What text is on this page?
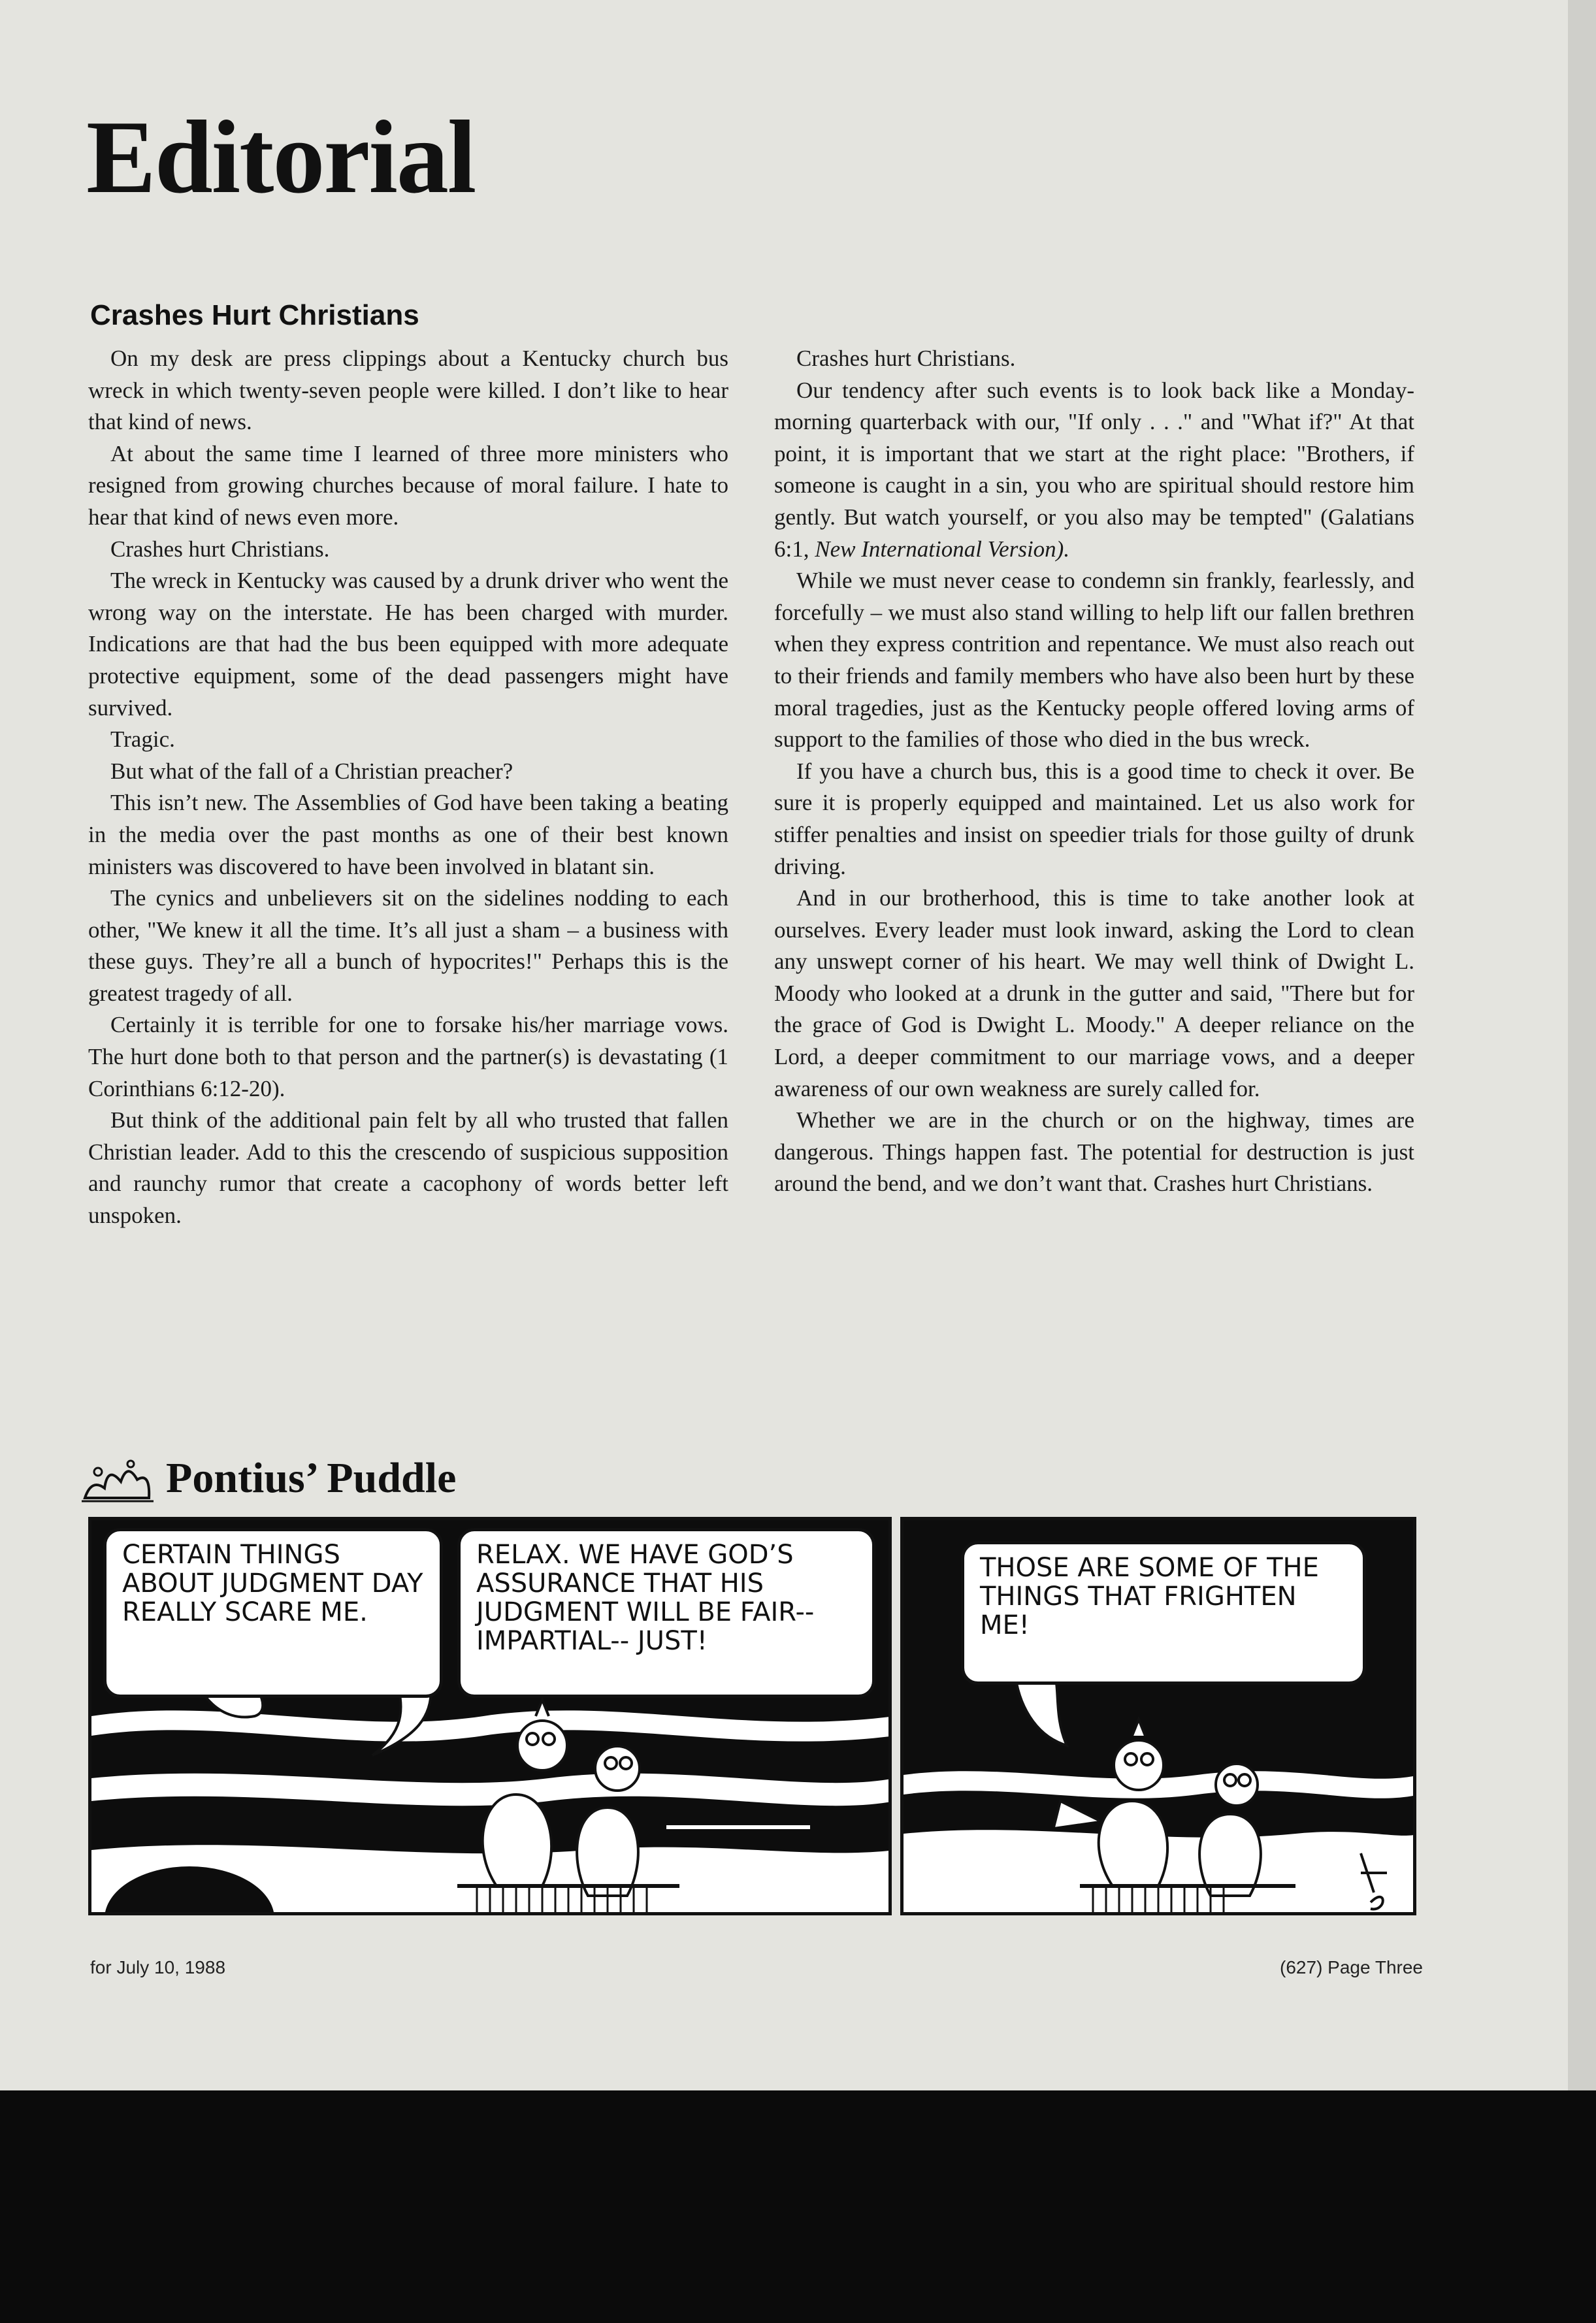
Editorial
Crashes Hurt Christians

On my desk are press clippings about a Kentucky church bus wreck in which twenty-seven people were killed. I don’t like to hear that kind of news.

At about the same time I learned of three more ministers who resigned from growing churches because of moral failure. I hate to hear that kind of news even more.

Crashes hurt Christians.

The wreck in Kentucky was caused by a drunk driver who went the wrong way on the interstate. He has been charged with murder. Indications are that had the bus been equipped with more adequate protective equipment, some of the dead passengers might have survived.

Tragic.

But what of the fall of a Christian preacher?

This isn’t new. The Assemblies of God have been taking a beating in the media over the past months as one of their best known ministers was discovered to have been involved in blatant sin.

The cynics and unbelievers sit on the sidelines nodding to each other, "We knew it all the time. It’s all just a sham – a business with these guys. They’re all a bunch of hypocrites!" Perhaps this is the greatest tragedy of all.

Certainly it is terrible for one to forsake his/her marriage vows. The hurt done both to that person and the partner(s) is devastating (1 Corinthians 6:12-20).

But think of the additional pain felt by all who trusted that fallen Christian leader. Add to this the crescendo of suspicious supposition and raunchy rumor that create a cacophony of words better left unspoken.

Crashes hurt Christians.

Our tendency after such events is to look back like a Monday-morning quarterback with our, "If only . . ." and "What if?" At that point, it is important that we start at the right place: "Brothers, if someone is caught in a sin, you who are spiritual should restore him gently. But watch yourself, or you also may be tempted" (Galatians 6:1, New International Version).

While we must never cease to condemn sin frankly, fearlessly, and forcefully – we must also stand willing to help lift our fallen brethren when they express contrition and repentance. We must also reach out to their friends and family members who have also been hurt by these moral tragedies, just as the Kentucky people offered loving arms of support to the families of those who died in the bus wreck.

If you have a church bus, this is a good time to check it over. Be sure it is properly equipped and maintained. Let us also work for stiffer penalties and insist on speedier trials for those guilty of drunk driving.

And in our brotherhood, this is time to take another look at ourselves. Every leader must look inward, asking the Lord to clean any unswept corner of his heart. We may well think of Dwight L. Moody who looked at a drunk in the gutter and said, "There but for the grace of God is Dwight L. Moody." A deeper reliance on the Lord, a deeper commitment to our marriage vows, and a deeper awareness of our own weakness are surely called for.

Whether we are in the church or on the highway, times are dangerous. Things happen fast. The potential for destruction is just around the bend, and we don’t want that. Crashes hurt Christians.

Pontius’ Puddle
CERTAIN THINGS ABOUT JUDGMENT DAY REALLY SCARE ME.
RELAX. WE HAVE GOD’S ASSURANCE THAT HIS JUDGMENT WILL BE FAIR-- IMPARTIAL-- JUST!
THOSE ARE SOME OF THE THINGS THAT FRIGHTEN ME!
for July 10, 1988	(627) Page Three
